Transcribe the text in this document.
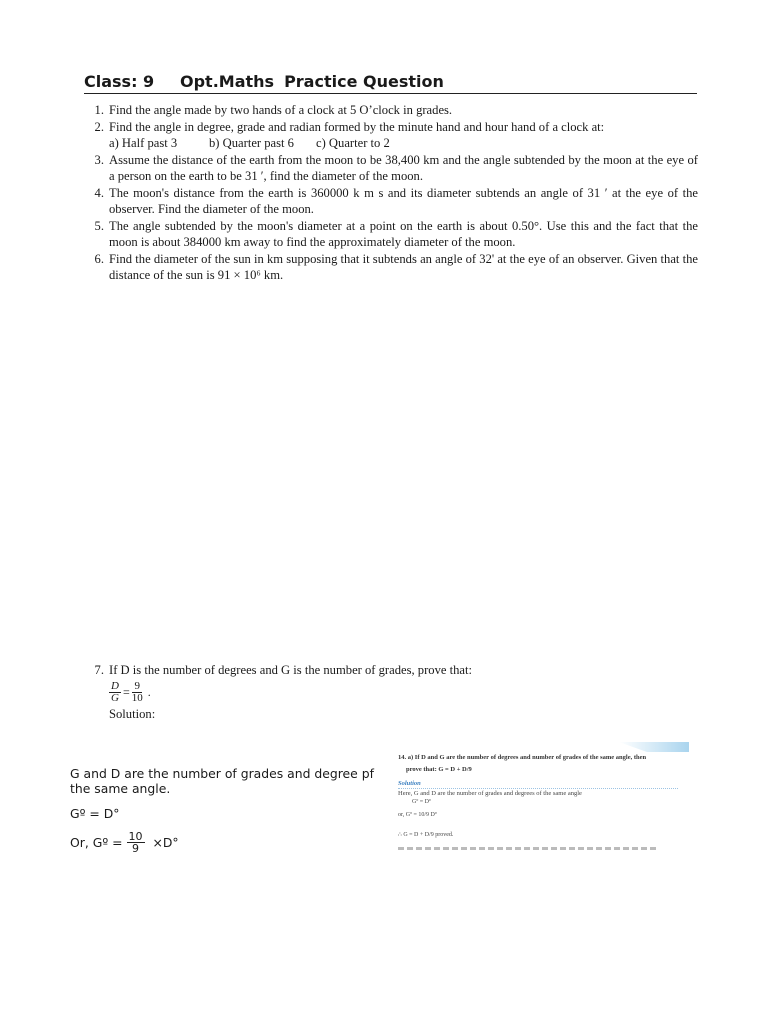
Class: 9 Opt.Maths Practice Question
1. Find the angle made by two hands of a clock at 5 O’clock in grades.
2. Find the angle in degree, grade and radian formed by the minute hand and hour hand of a clock at:
a) Half past 3	b) Quarter past 6 c) Quarter to 2
3. Assume the distance of the earth from the moon to be 38,400 km and the angle subtended by the moon at the eye of a person on the earth to be 31 ′, find the diameter of the moon.
4. The moon's distance from the earth is 360000 k m s and its diameter subtends an angle of 31 ′ at the eye of the observer. Find the diameter of the moon.
5. The angle subtended by the moon's diameter at a point on the earth is about 0.50°. Use this and the fact that the moon is about 384000 km away to find the approximately diameter of the moon.
6. Find the diameter of the sun in km supposing that it subtends an angle of 32' at the eye of an observer. Given that the distance of the sun is 91 × 10⁶ km.
7. If D is the number of degrees and G is the number of grades, prove that:
$\frac{D}{G} = \frac{9}{10}$ .
Solution:

G and D are the number of grades and degree pf the same angle.

Gº = D°

Or, Gº = $\frac{10}{9} \times D^\circ$
14. a) If D and G are the number of degrees and number of grades of the same angle, then
prove that: G = D + D/9
Solution
Here, G and D are the number of grades and degrees of the same angle
Gº = Dº
or, Gº = 10/9 Dº
∴ G = D + D/9 proved.
